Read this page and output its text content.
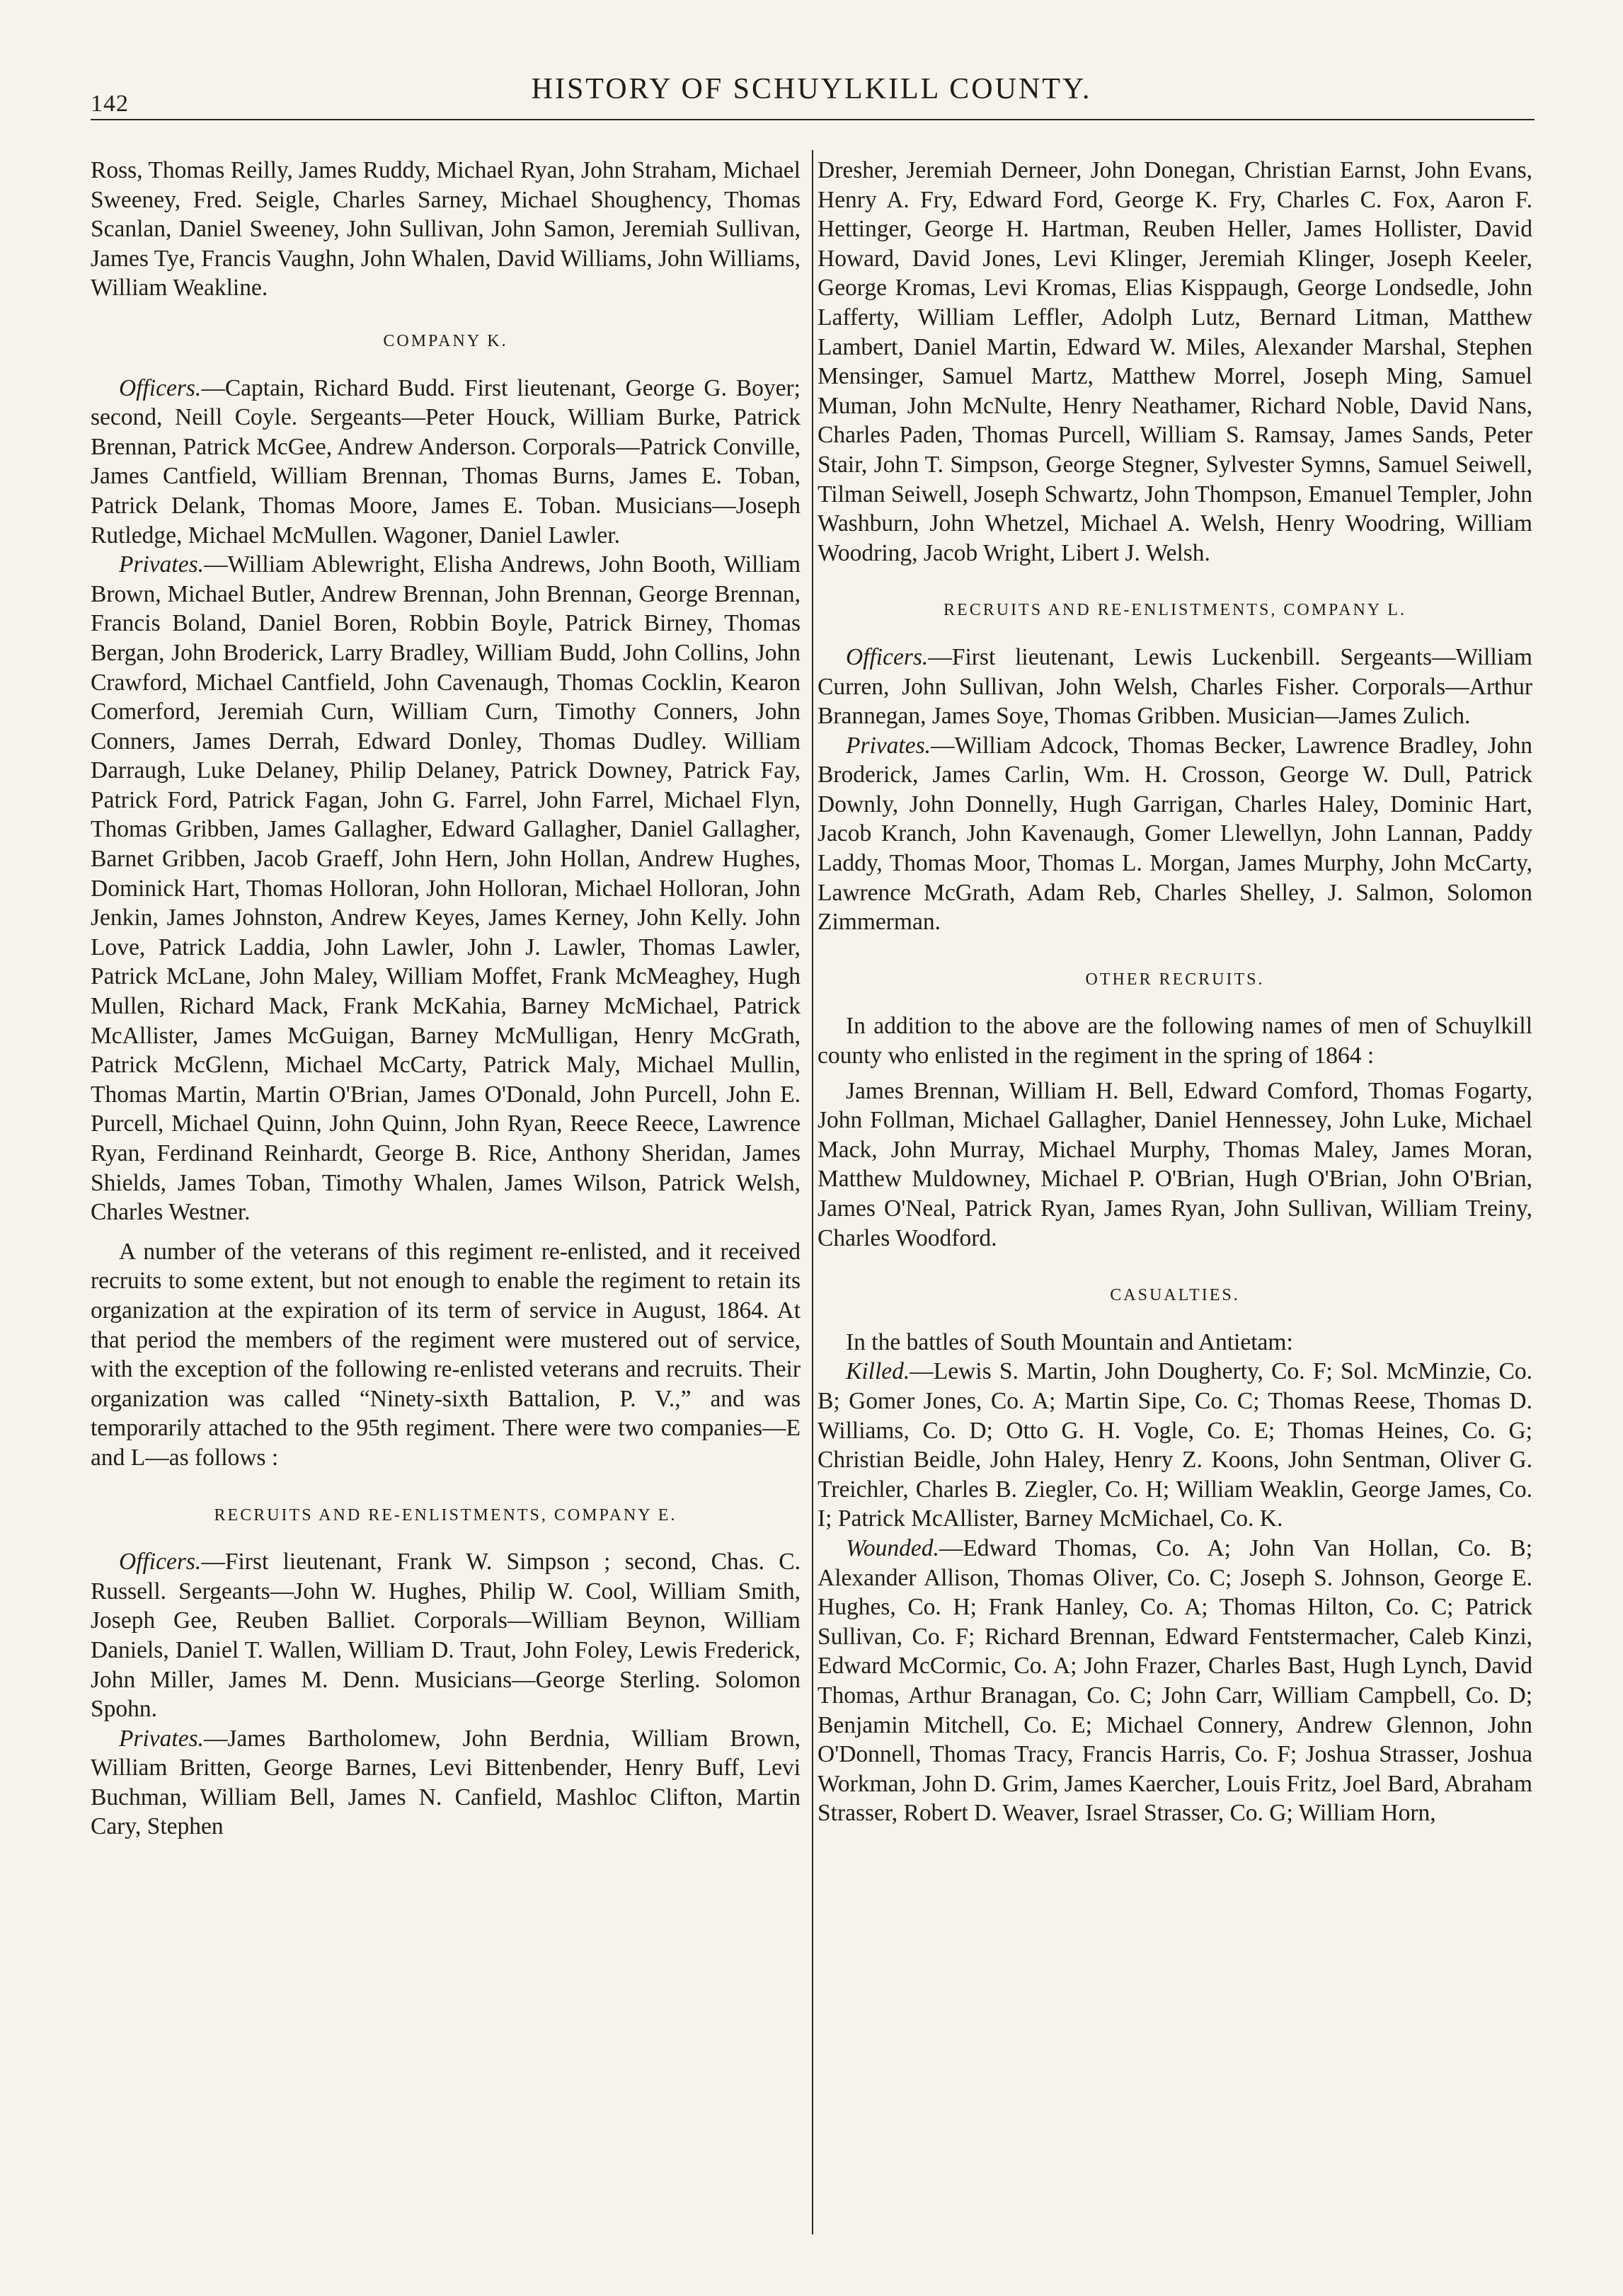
142	HISTORY OF SCHUYLKILL COUNTY.

Ross, Thomas Reilly, James Ruddy, Michael Ryan, John Straham, Michael Sweeney, Fred. Seigle, Charles Sarney, Michael Shoughency, Thomas Scanlan, Daniel Sweeney, John Sullivan, John Samon, Jeremiah Sullivan, James Tye, Francis Vaughn, John Whalen, David Williams, John Williams, William Weakline.

COMPANY K.

Officers.—Captain, Richard Budd. First lieutenant, George G. Boyer; second, Neill Coyle. Sergeants—Peter Houck, William Burke, Patrick Brennan, Patrick McGee, Andrew Anderson. Corporals—Patrick Conville, James Cantfield, William Brennan, Thomas Burns, James E. Toban, Patrick Delank, Thomas Moore, James E. Toban. Musicians—Joseph Rutledge, Michael McMullen. Wagoner, Daniel Lawler.

Privates.—William Ablewright, Elisha Andrews, John Booth, William Brown, Michael Butler, Andrew Brennan, John Brennan, George Brennan, Francis Boland, Daniel Boren, Robbin Boyle, Patrick Birney, Thomas Bergan, John Broderick, Larry Bradley, William Budd, John Collins, John Crawford, Michael Cantfield, John Cavenaugh, Thomas Cocklin, Kearon Comerford, Jeremiah Curn, William Curn, Timothy Conners, John Conners, James Derrah, Edward Donley, Thomas Dudley. William Darraugh, Luke Delaney, Philip Delaney, Patrick Downey, Patrick Fay, Patrick Ford, Patrick Fagan, John G. Farrel, John Farrel, Michael Flyn, Thomas Gribben, James Gallagher, Edward Gallagher, Daniel Gallagher, Barnet Gribben, Jacob Graeff, John Hern, John Hollan, Andrew Hughes, Dominick Hart, Thomas Holloran, John Holloran, Michael Holloran, John Jenkin, James Johnston, Andrew Keyes, James Kerney, John Kelly. John Love, Patrick Laddia, John Lawler, John J. Lawler, Thomas Lawler, Patrick McLane, John Maley, William Moffet, Frank McMeaghey, Hugh Mullen, Richard Mack, Frank McKahia, Barney McMichael, Patrick McAllister, James McGuigan, Barney McMulligan, Henry McGrath, Patrick McGlenn, Michael McCarty, Patrick Maly, Michael Mullin, Thomas Martin, Martin O'Brian, James O'Donald, John Purcell, John E. Purcell, Michael Quinn, John Quinn, John Ryan, Reece Reece, Lawrence Ryan, Ferdinand Reinhardt, George B. Rice, Anthony Sheridan, James Shields, James Toban, Timothy Whalen, James Wilson, Patrick Welsh, Charles Westner.

A number of the veterans of this regiment re-enlisted, and it received recruits to some extent, but not enough to enable the regiment to retain its organization at the expiration of its term of service in August, 1864. At that period the members of the regiment were mustered out of service, with the exception of the following re-enlisted veterans and recruits. Their organization was called “Ninety-sixth Battalion, P. V.,” and was temporarily attached to the 95th regiment. There were two companies—E and L—as follows :

RECRUITS AND RE-ENLISTMENTS, COMPANY E.

Officers.—First lieutenant, Frank W. Simpson ; second, Chas. C. Russell. Sergeants—John W. Hughes, Philip W. Cool, William Smith, Joseph Gee, Reuben Balliet. Corporals—William Beynon, William Daniels, Daniel T. Wallen, William D. Traut, John Foley, Lewis Frederick, John Miller, James M. Denn. Musicians—George Sterling. Solomon Spohn.

Privates.—James Bartholomew, John Berdnia, William Brown, William Britten, George Barnes, Levi Bittenbender, Henry Buff, Levi Buchman, William Bell, James N. Canfield, Mashloc Clifton, Martin Cary, Stephen

Dresher, Jeremiah Derneer, John Donegan, Christian Earnst, John Evans, Henry A. Fry, Edward Ford, George K. Fry, Charles C. Fox, Aaron F. Hettinger, George H. Hartman, Reuben Heller, James Hollister, David Howard, David Jones, Levi Klinger, Jeremiah Klinger, Joseph Keeler, George Kromas, Levi Kromas, Elias Kisppaugh, George Londsedle, John Lafferty, William Leffler, Adolph Lutz, Bernard Litman, Matthew Lambert, Daniel Martin, Edward W. Miles, Alexander Marshal, Stephen Mensinger, Samuel Martz, Matthew Morrel, Joseph Ming, Samuel Muman, John McNulte, Henry Neathamer, Richard Noble, David Nans, Charles Paden, Thomas Purcell, William S. Ramsay, James Sands, Peter Stair, John T. Simpson, George Stegner, Sylvester Symns, Samuel Seiwell, Tilman Seiwell, Joseph Schwartz, John Thompson, Emanuel Templer, John Washburn, John Whetzel, Michael A. Welsh, Henry Woodring, William Woodring, Jacob Wright, Libert J. Welsh.

RECRUITS AND RE-ENLISTMENTS, COMPANY L.

Officers.—First lieutenant, Lewis Luckenbill. Sergeants—William Curren, John Sullivan, John Welsh, Charles Fisher. Corporals—Arthur Brannegan, James Soye, Thomas Gribben. Musician—James Zulich.

Privates.—William Adcock, Thomas Becker, Lawrence Bradley, John Broderick, James Carlin, Wm. H. Crosson, George W. Dull, Patrick Downly, John Donnelly, Hugh Garrigan, Charles Haley, Dominic Hart, Jacob Kranch, John Kavenaugh, Gomer Llewellyn, John Lannan, Paddy Laddy, Thomas Moor, Thomas L. Morgan, James Murphy, John McCarty, Lawrence McGrath, Adam Reb, Charles Shelley, J. Salmon, Solomon Zimmerman.

OTHER RECRUITS.

In addition to the above are the following names of men of Schuylkill county who enlisted in the regiment in the spring of 1864 :

James Brennan, William H. Bell, Edward Comford, Thomas Fogarty, John Follman, Michael Gallagher, Daniel Hennessey, John Luke, Michael Mack, John Murray, Michael Murphy, Thomas Maley, James Moran, Matthew Muldowney, Michael P. O'Brian, Hugh O'Brian, John O'Brian, James O'Neal, Patrick Ryan, James Ryan, John Sullivan, William Treiny, Charles Woodford.

CASUALTIES.

In the battles of South Mountain and Antietam:

Killed.—Lewis S. Martin, John Dougherty, Co. F; Sol. McMinzie, Co. B; Gomer Jones, Co. A; Martin Sipe, Co. C; Thomas Reese, Thomas D. Williams, Co. D; Otto G. H. Vogle, Co. E; Thomas Heines, Co. G; Christian Beidle, John Haley, Henry Z. Koons, John Sentman, Oliver G. Treichler, Charles B. Ziegler, Co. H; William Weaklin, George James, Co. I; Patrick McAllister, Barney McMichael, Co. K.

Wounded.—Edward Thomas, Co. A; John Van Hollan, Co. B; Alexander Allison, Thomas Oliver, Co. C; Joseph S. Johnson, George E. Hughes, Co. H; Frank Hanley, Co. A; Thomas Hilton, Co. C; Patrick Sullivan, Co. F; Richard Brennan, Edward Fentstermacher, Caleb Kinzi, Edward McCormic, Co. A; John Frazer, Charles Bast, Hugh Lynch, David Thomas, Arthur Branagan, Co. C; John Carr, William Campbell, Co. D; Benjamin Mitchell, Co. E; Michael Connery, Andrew Glennon, John O'Donnell, Thomas Tracy, Francis Harris, Co. F; Joshua Strasser, Joshua Workman, John D. Grim, James Kaercher, Louis Fritz, Joel Bard, Abraham Strasser, Robert D. Weaver, Israel Strasser, Co. G; William Horn,
